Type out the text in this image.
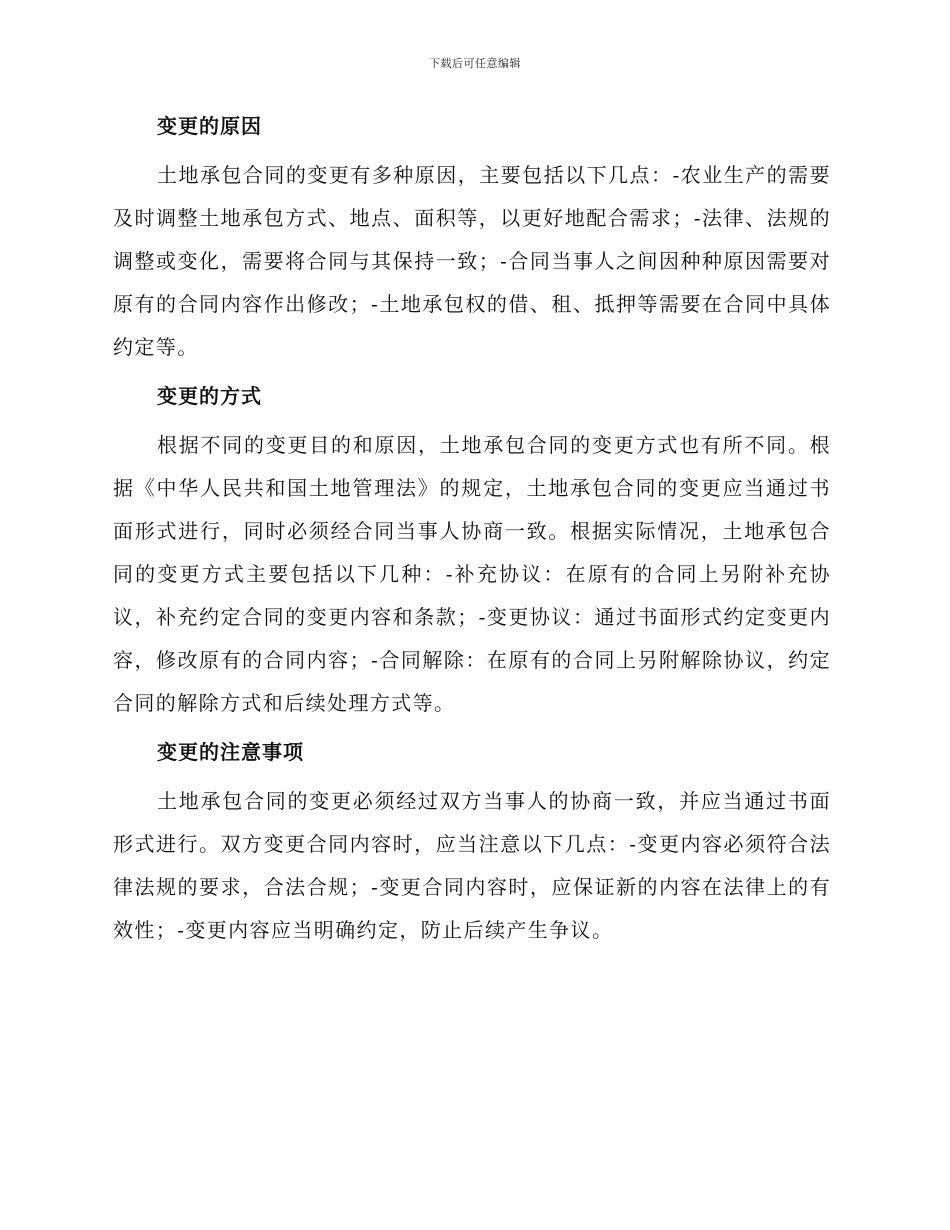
下载后可任意编辑
变更的原因
土地承包合同的变更有多种原因，主要包括以下几点：-农业生产的需要及时调整土地承包方式、地点、面积等，以更好地配合需求；-法律、法规的调整或变化，需要将合同与其保持一致；-合同当事人之间因种种原因需要对原有的合同内容作出修改；-土地承包权的借、租、抵押等需要在合同中具体约定等。
变更的方式
根据不同的变更目的和原因，土地承包合同的变更方式也有所不同。根据《中华人民共和国土地管理法》的规定，土地承包合同的变更应当通过书面形式进行，同时必须经合同当事人协商一致。根据实际情况，土地承包合同的变更方式主要包括以下几种：-补充协议：在原有的合同上另附补充协议，补充约定合同的变更内容和条款；-变更协议：通过书面形式约定变更内容，修改原有的合同内容；-合同解除：在原有的合同上另附解除协议，约定合同的解除方式和后续处理方式等。
变更的注意事项
土地承包合同的变更必须经过双方当事人的协商一致，并应当通过书面形式进行。双方变更合同内容时，应当注意以下几点：-变更内容必须符合法律法规的要求，合法合规；-变更合同内容时，应保证新的内容在法律上的有效性；-变更内容应当明确约定，防止后续产生争议。
